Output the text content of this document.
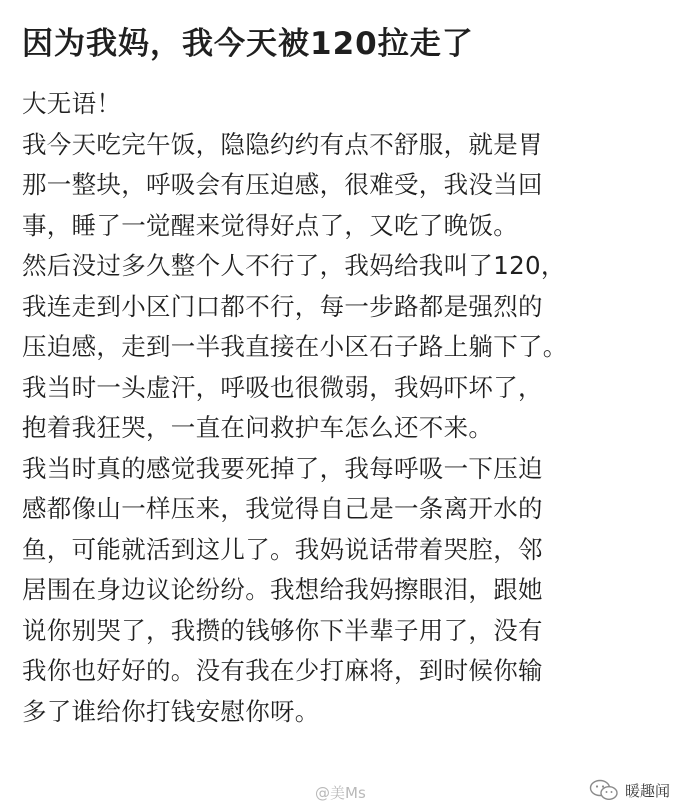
因为我妈，我今天被120拉走了
大无语！
我今天吃完午饭，隐隐约约有点不舒服，就是胃
那一整块，呼吸会有压迫感，很难受，我没当回
事，睡了一觉醒来觉得好点了，又吃了晚饭。
然后没过多久整个人不行了，我妈给我叫了120，
我连走到小区门口都不行，每一步路都是强烈的
压迫感，走到一半我直接在小区石子路上躺下了。
我当时一头虚汗，呼吸也很微弱，我妈吓坏了，
抱着我狂哭，一直在问救护车怎么还不来。
我当时真的感觉我要死掉了，我每呼吸一下压迫
感都像山一样压来，我觉得自己是一条离开水的
鱼，可能就活到这儿了。我妈说话带着哭腔，邻
居围在身边议论纷纷。我想给我妈擦眼泪，跟她
说你别哭了，我攒的钱够你下半辈子用了，没有
我你也好好的。没有我在少打麻将，到时候你输
多了谁给你打钱安慰你呀。
@美Ms	暖趣闻
